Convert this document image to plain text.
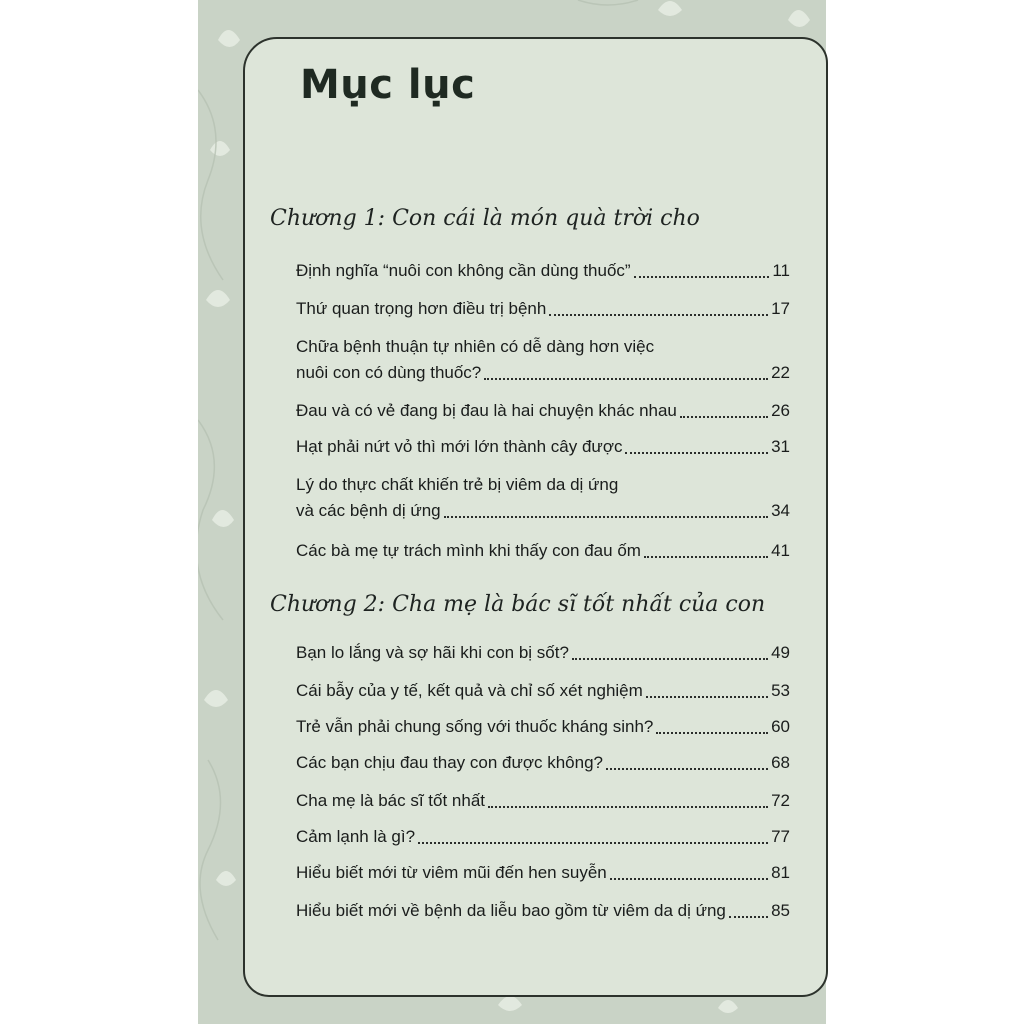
Mục lục
Chương 1: Con cái là món quà trời cho
Định nghĩa “nuôi con không cần dùng thuốc”	11
Thứ quan trọng hơn điều trị bệnh	17
Chữa bệnh thuận tự nhiên có dễ dàng hơn việc
nuôi con có dùng thuốc?	22
Đau và có vẻ đang bị đau là hai chuyện khác nhau	26
Hạt phải nứt vỏ thì mới lớn thành cây được	31
Lý do thực chất khiến trẻ bị viêm da dị ứng
và các bệnh dị ứng	34
Các bà mẹ tự trách mình khi thấy con đau ốm	41
Chương 2: Cha mẹ là bác sĩ tốt nhất của con
Bạn lo lắng và sợ hãi khi con bị sốt?	49
Cái bẫy của y tế, kết quả và chỉ số xét nghiệm	53
Trẻ vẫn phải chung sống với thuốc kháng sinh?	60
Các bạn chịu đau thay con được không?	68
Cha mẹ là bác sĩ tốt nhất	72
Cảm lạnh là gì?	77
Hiểu biết mới từ viêm mũi đến hen suyễn	81
Hiểu biết mới về bệnh da liễu bao gồm từ viêm da dị ứng	85
